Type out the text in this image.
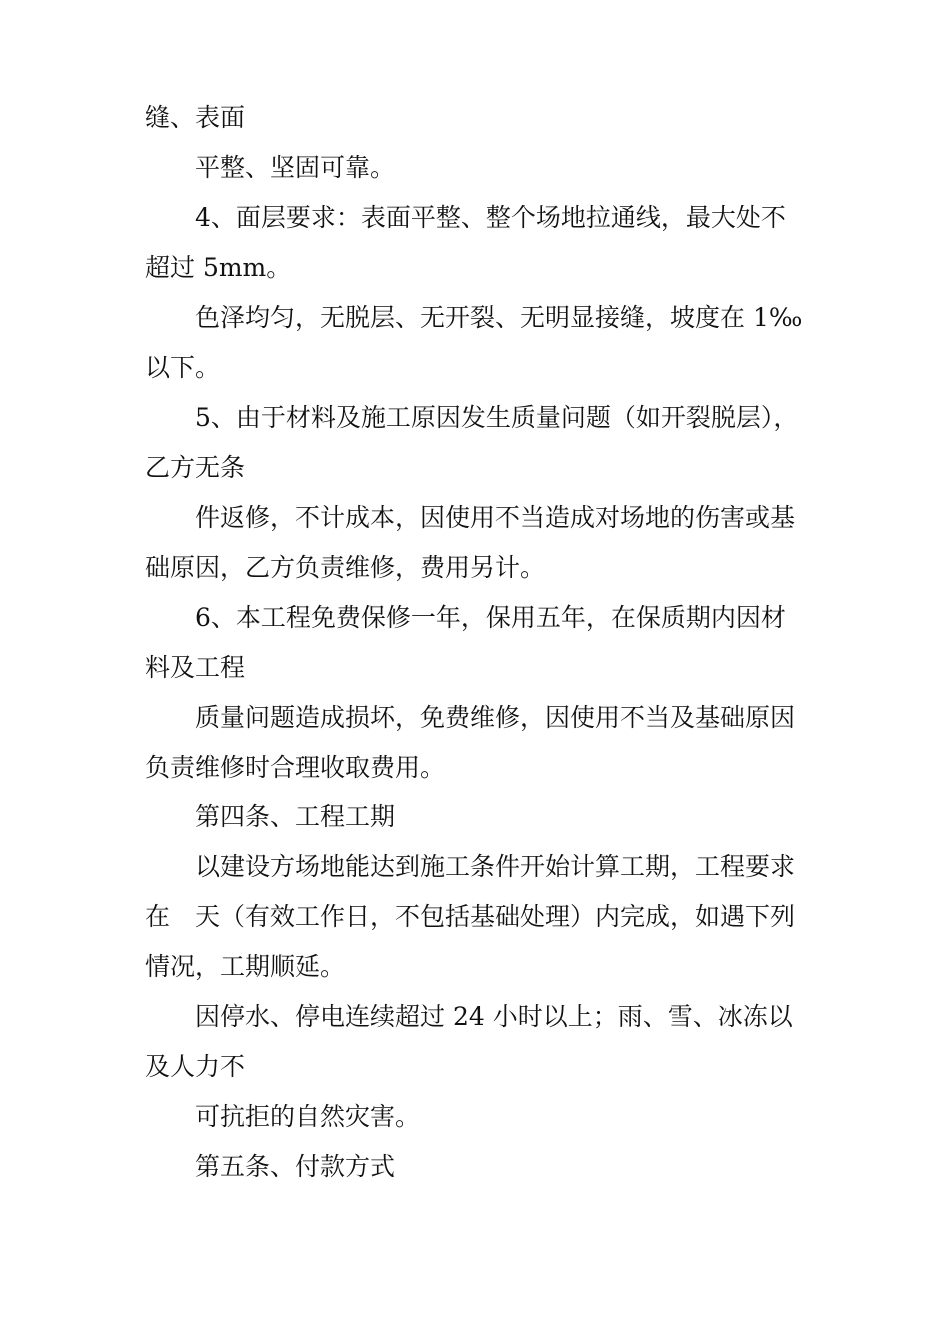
缝、表面

平整、坚固可靠。

4、面层要求：表面平整、整个场地拉通线，最大处不

超过 5mm。

色泽均匀，无脱层、无开裂、无明显接缝，坡度在 1‰

以下。

5、由于材料及施工原因发生质量问题（如开裂脱层），

乙方无条

件返修，不计成本，因使用不当造成对场地的伤害或基

础原因，乙方负责维修，费用另计。

6、本工程免费保修一年，保用五年，在保质期内因材

料及工程

质量问题造成损坏，免费维修，因使用不当及基础原因

负责维修时合理收取费用。

第四条、工程工期

以建设方场地能达到施工条件开始计算工期，工程要求

在　天（有效工作日，不包括基础处理）内完成，如遇下列

情况，工期顺延。

因停水、停电连续超过 24 小时以上；雨、雪、冰冻以

及人力不

可抗拒的自然灾害。

第五条、付款方式
